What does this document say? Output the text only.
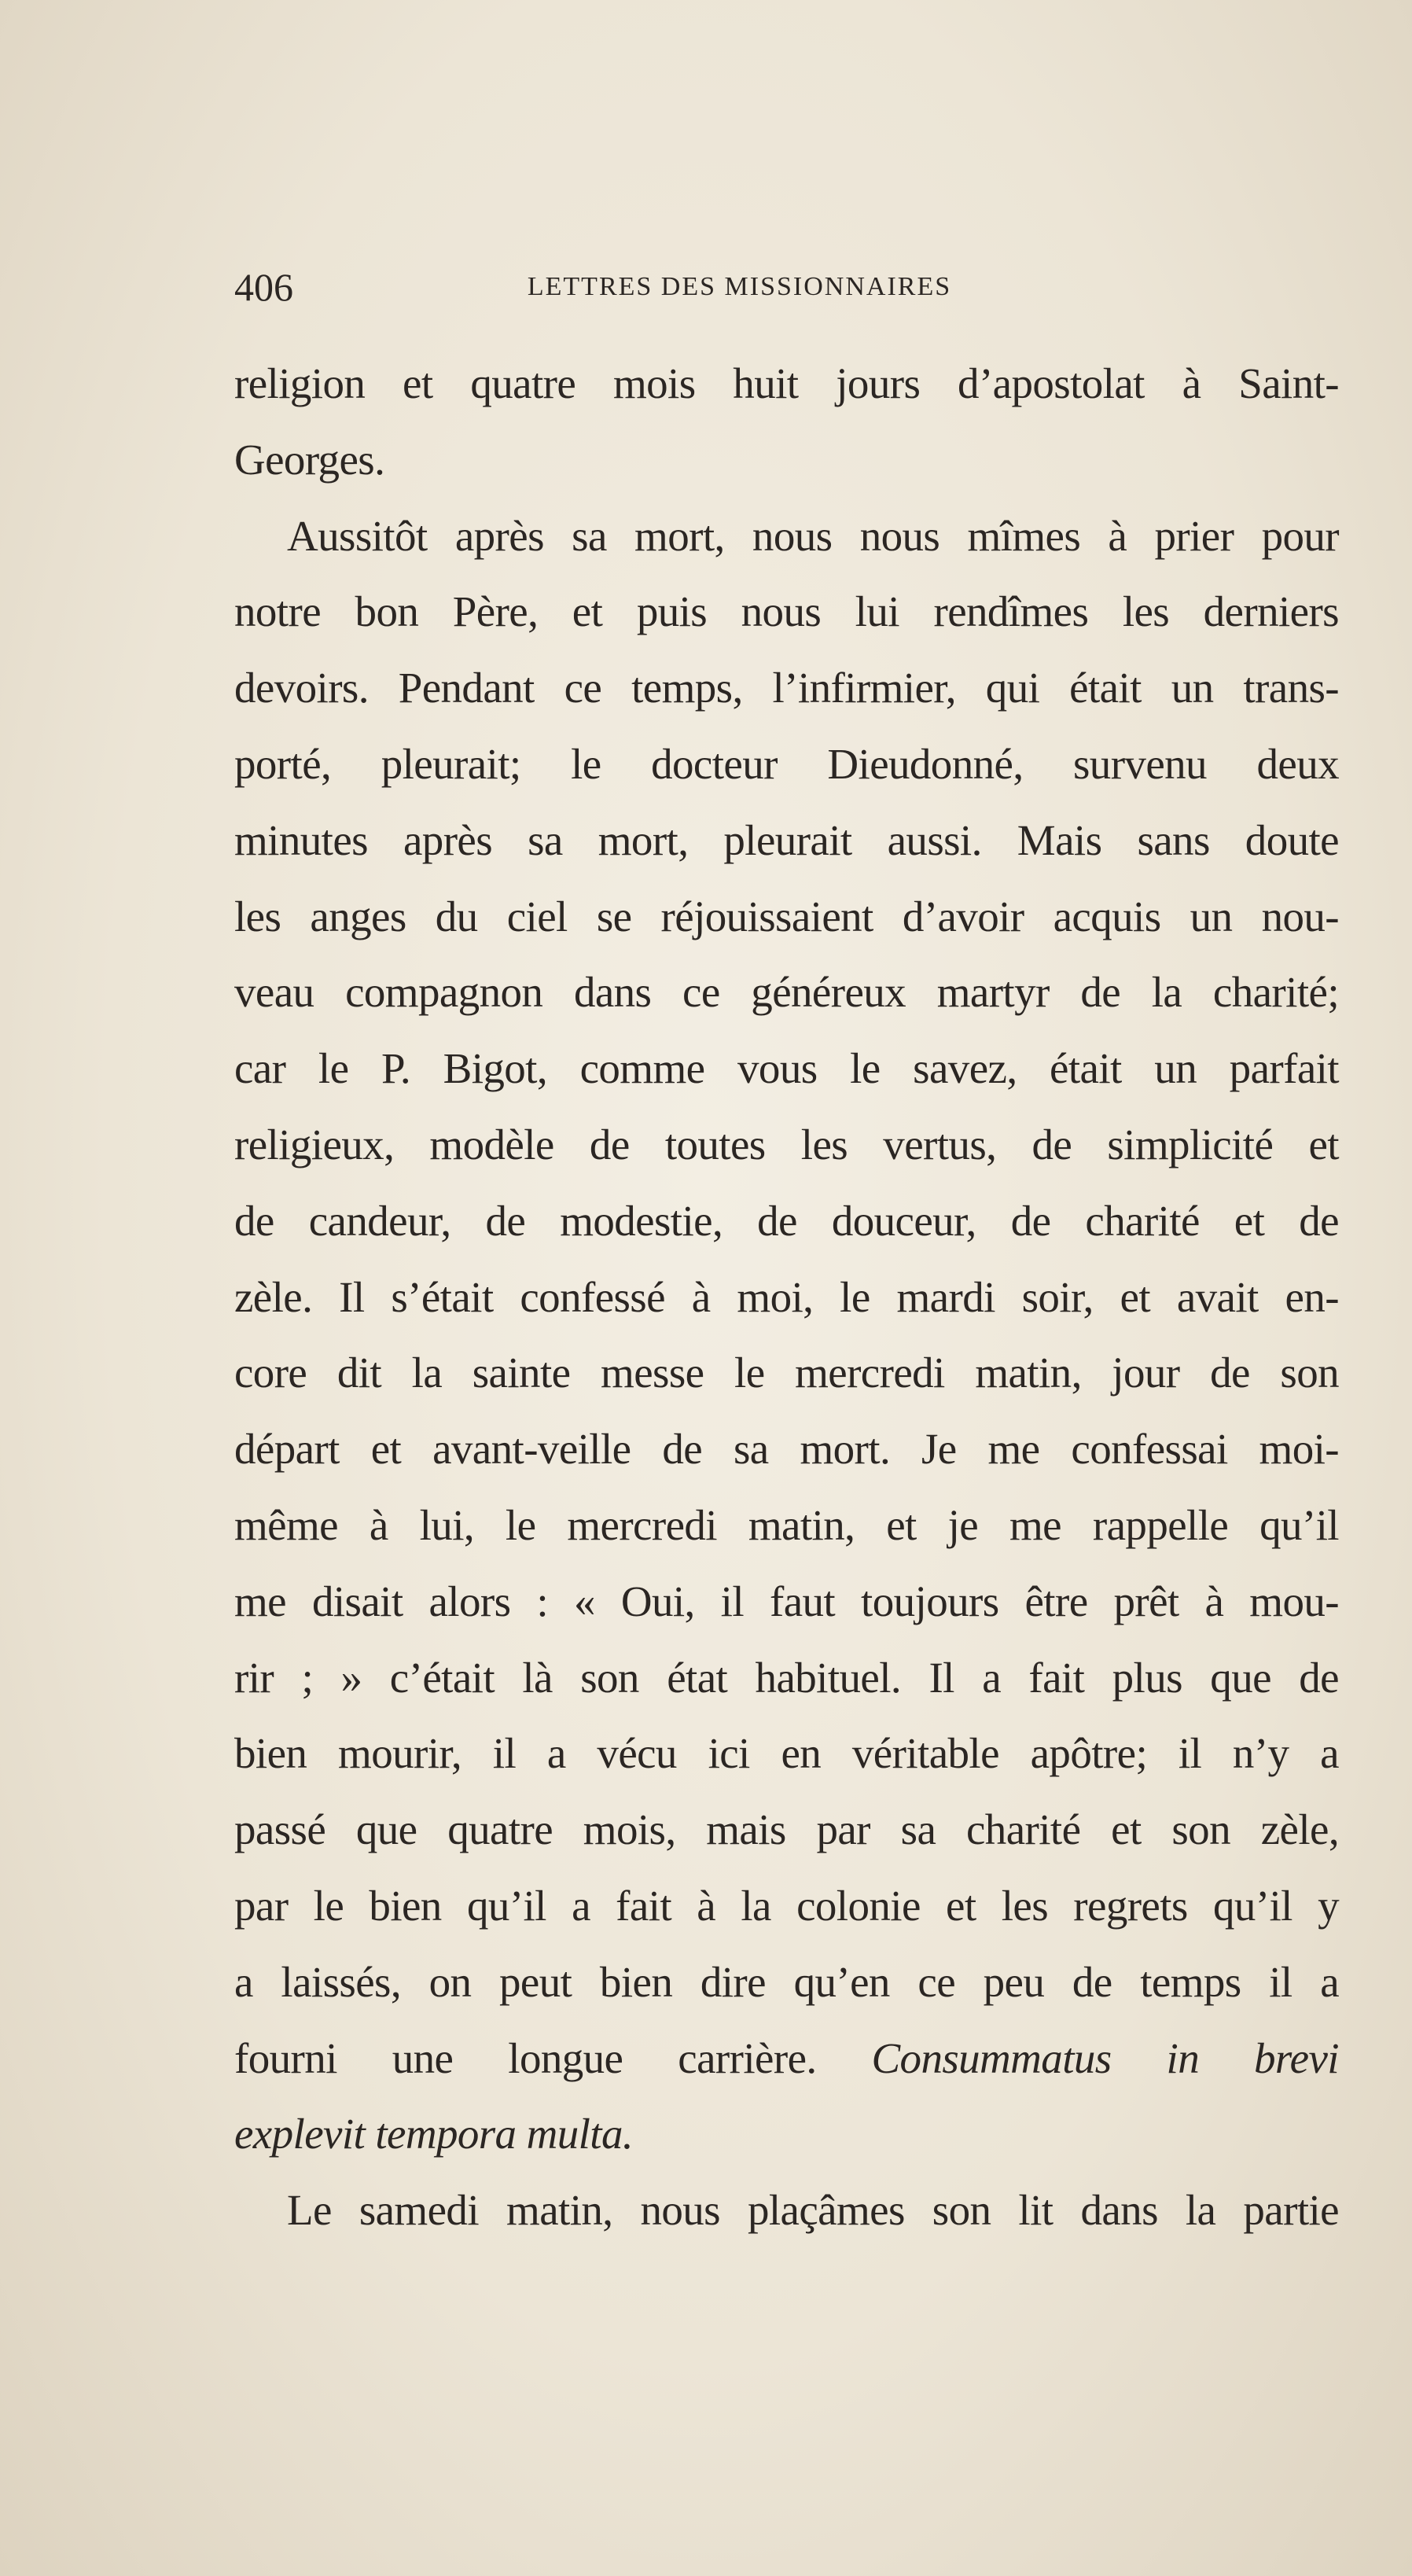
406	LETTRES DES MISSIONNAIRES
religion et quatre mois huit jours d’apostolat à Saint-
Georges.
Aussitôt après sa mort, nous nous mîmes à prier pour
notre bon Père, et puis nous lui rendîmes les derniers
devoirs. Pendant ce temps, l’infirmier, qui était un trans-
porté, pleurait; le docteur Dieudonné, survenu deux
minutes après sa mort, pleurait aussi. Mais sans doute
les anges du ciel se réjouissaient d’avoir acquis un nou-
veau compagnon dans ce généreux martyr de la charité;
car le P. Bigot, comme vous le savez, était un parfait
religieux, modèle de toutes les vertus, de simplicité et
de candeur, de modestie, de douceur, de charité et de
zèle. Il s’était confessé à moi, le mardi soir, et avait en-
core dit la sainte messe le mercredi matin, jour de son
départ et avant-veille de sa mort. Je me confessai moi-
même à lui, le mercredi matin, et je me rappelle qu’il
me disait alors : « Oui, il faut toujours être prêt à mou-
rir ; » c’était là son état habituel. Il a fait plus que de
bien mourir, il a vécu ici en véritable apôtre; il n’y a
passé que quatre mois, mais par sa charité et son zèle,
par le bien qu’il a fait à la colonie et les regrets qu’il y
a laissés, on peut bien dire qu’en ce peu de temps il a
fourni une longue carrière. Consummatus in brevi
explevit tempora multa.
Le samedi matin, nous plaçâmes son lit dans la partie
